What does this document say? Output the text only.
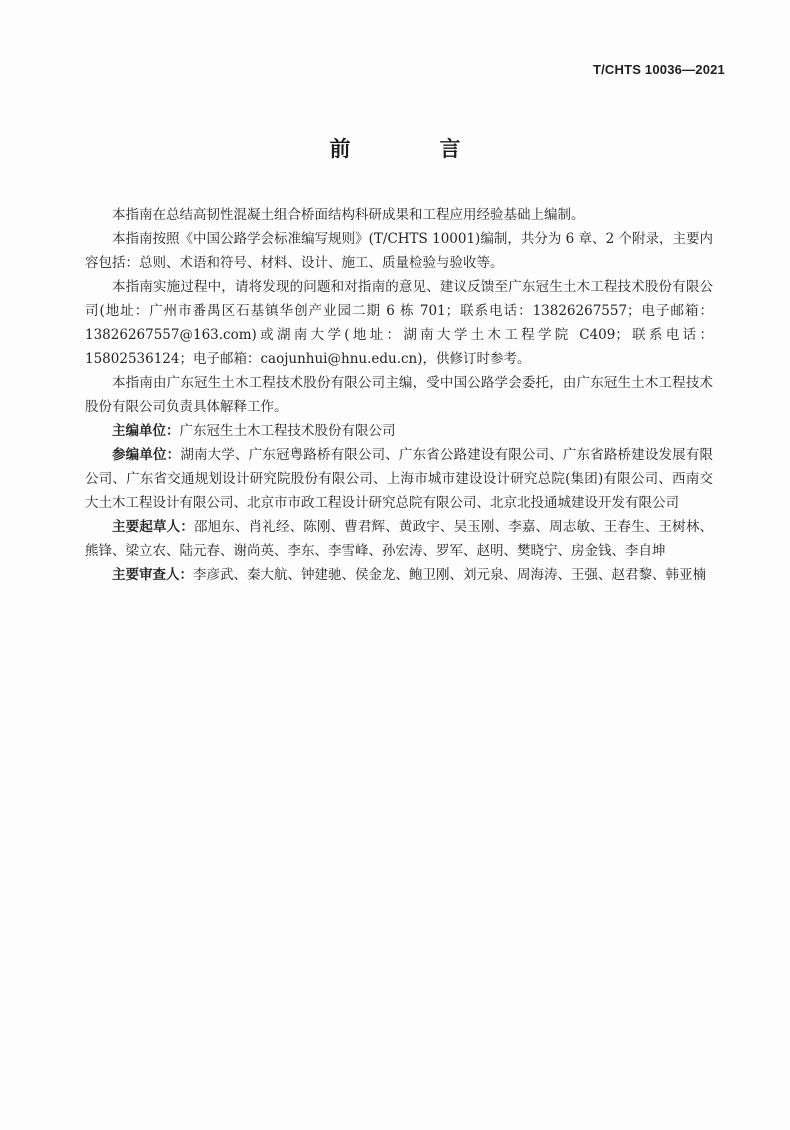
T/CHTS 10036—2021
前　言

本指南在总结高韧性混凝土组合桥面结构科研成果和工程应用经验基础上编制。

本指南按照《中国公路学会标准编写规则》(T/CHTS 10001)编制，共分为 6 章、2 个附录，主要内容包括：总则、术语和符号、材料、设计、施工、质量检验与验收等。

本指南实施过程中，请将发现的问题和对指南的意见、建议反馈至广东冠生土木工程技术股份有限公司(地址：广州市番禺区石基镇华创产业园二期 6 栋 701；联系电话：13826267557；电子邮箱：13826267557@163.com)或湖南大学(地址：湖南大学土木工程学院 C409；联系电话：15802536124；电子邮箱：caojunhui@hnu.edu.cn)，供修订时参考。

本指南由广东冠生土木工程技术股份有限公司主编，受中国公路学会委托，由广东冠生土木工程技术股份有限公司负责具体解释工作。

主编单位：广东冠生土木工程技术股份有限公司

参编单位：湖南大学、广东冠粤路桥有限公司、广东省公路建设有限公司、广东省路桥建设发展有限公司、广东省交通规划设计研究院股份有限公司、上海市城市建设设计研究总院(集团)有限公司、西南交大土木工程设计有限公司、北京市市政工程设计研究总院有限公司、北京北投通城建设开发有限公司

主要起草人：邵旭东、肖礼经、陈刚、曹君辉、黄政宇、吴玉刚、李嘉、周志敏、王春生、王树林、熊锋、梁立农、陆元春、谢尚英、李东、李雪峰、孙宏涛、罗军、赵明、樊晓宁、房金钱、李自坤

主要审查人：李彦武、秦大航、钟建驰、侯金龙、鲍卫刚、刘元泉、周海涛、王强、赵君黎、韩亚楠
